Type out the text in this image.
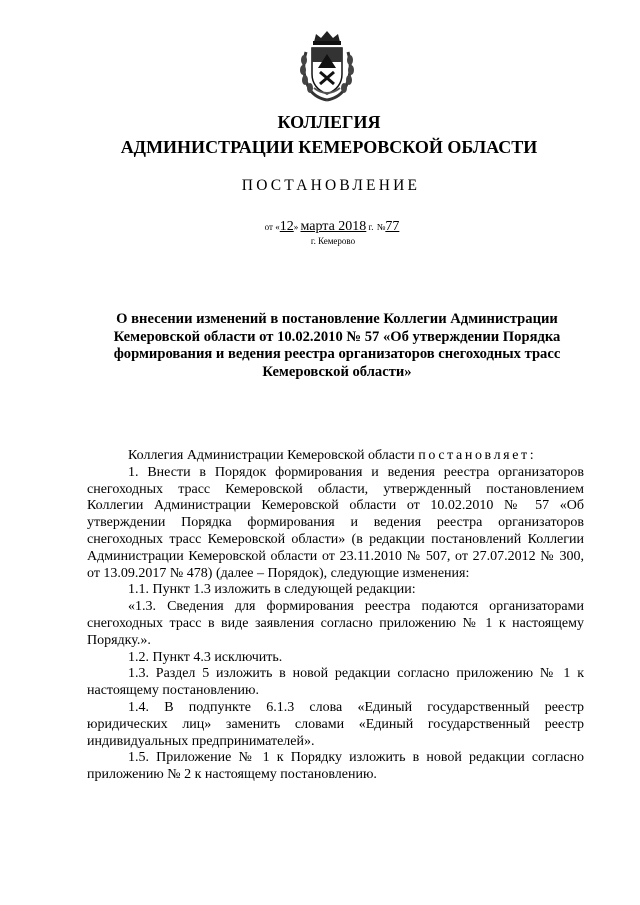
КОЛЛЕГИЯ
АДМИНИСТРАЦИИ КЕМЕРОВСКОЙ ОБЛАСТИ
ПОСТАНОВЛЕНИЕ
от «12» марта 2018 г. №77
г. Кемерово
О внесении изменений в постановление Коллегии Администрации Кемеровской области от 10.02.2010 № 57 «Об утверждении Порядка формирования и ведения реестра организаторов снегоходных трасс Кемеровской области»

Коллегия Администрации Кемеровской области постановляет:

1. Внести в Порядок формирования и ведения реестра организаторов снегоходных трасс Кемеровской области, утвержденный постановлением Коллегии Администрации Кемеровской области от 10.02.2010 № 57 «Об утверждении Порядка формирования и ведения реестра организаторов снегоходных трасс Кемеровской области» (в редакции постановлений Коллегии Администрации Кемеровской области от 23.11.2010 № 507, от 27.07.2012 № 300, от 13.09.2017 № 478) (далее – Порядок), следующие изменения:

1.1. Пункт 1.3 изложить в следующей редакции:

«1.3. Сведения для формирования реестра подаются организаторами снегоходных трасс в виде заявления согласно приложению № 1 к настоящему Порядку.».

1.2. Пункт 4.3 исключить.

1.3. Раздел 5 изложить в новой редакции согласно приложению № 1 к настоящему постановлению.

1.4. В подпункте 6.1.3 слова «Единый государственный реестр юридических лиц» заменить словами «Единый государственный реестр индивидуальных предпринимателей».

1.5. Приложение № 1 к Порядку изложить в новой редакции согласно приложению № 2 к настоящему постановлению.
